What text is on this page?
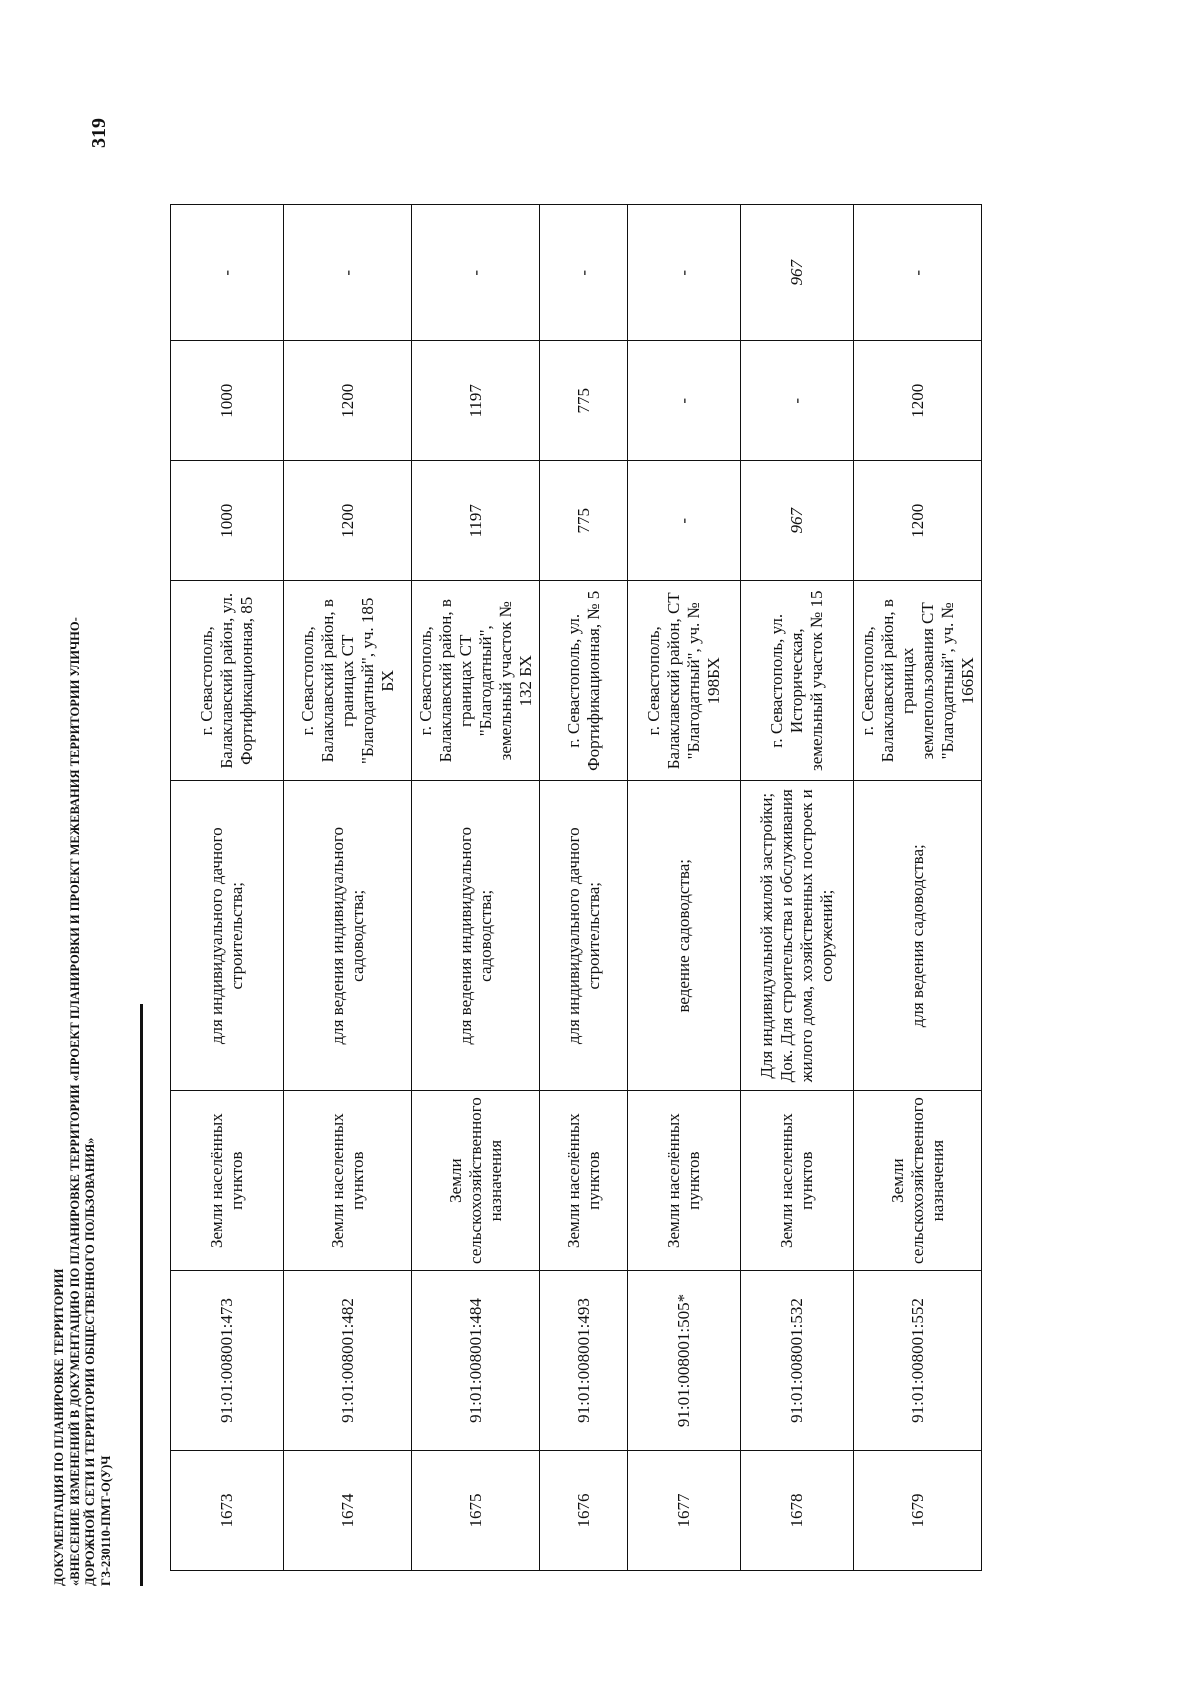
ДОКУМЕНТАЦИЯ ПО ПЛАНИРОВКЕ ТЕРРИТОРИИ «ВНЕСЕНИЕ ИЗМЕНЕНИЙ В ДОКУМЕНТАЦИЮ ПО ПЛАНИРОВКЕ ТЕРРИТОРИИ «ПРОЕКТ ПЛАНИРОВКИ И ПРОЕКТ МЕЖЕВАНИЯ ТЕРРИТОРИИ УЛИЧНО- ДОРОЖНОЙ СЕТИ И ТЕРРИТОРИИ ОБЩЕСТВЕННОГО ПОЛЬЗОВАНИЯ» ГЗ-230110-ПМТ-О(У)Ч
319
1673	91:01:008001:473	Земли населённых пунктов	для индивидуального дачного строительства;	г. Севастополь, Балаклавский район, ул. Фортификационная, 85	1000	1000	-
1674	91:01:008001:482	Земли населенных пунктов	для ведения индивидуального садоводства;	г. Севастополь, Балаклавский район, в границах СТ "Благодатный", уч. 185 БХ	1200	1200	-
1675	91:01:008001:484	Земли сельскохозяйственного назначения	для ведения индивидуального садоводства;	г. Севастополь, Балаклавский район, в границах СТ "Благодатный", земельный участок № 132 БХ	1197	1197	-
1676	91:01:008001:493	Земли населённых пунктов	для индивидуального дачного строительства;	г. Севастополь, ул. Фортификационная, № 5	775	775	-
1677	91:01:008001:505*	Земли населённых пунктов	ведение садоводства;	г. Севастополь, Балаклавский район, СТ "Благодатный", уч. № 198БХ	-	-	-
1678	91:01:008001:532	Земли населенных пунктов	Для индивидуальной жилой застройки; Док. Для строительства и обслуживания жилого дома, хозяйственных построек и сооружений;	г. Севастополь, ул. Историческая, земельный участок № 15	967	-	967
1679	91:01:008001:552	Земли сельскохозяйственного назначения	для ведения садоводства;	г. Севастополь, Балаклавский район, в границах землепользования СТ "Благодатный", уч. № 166БХ	1200	1200	-
